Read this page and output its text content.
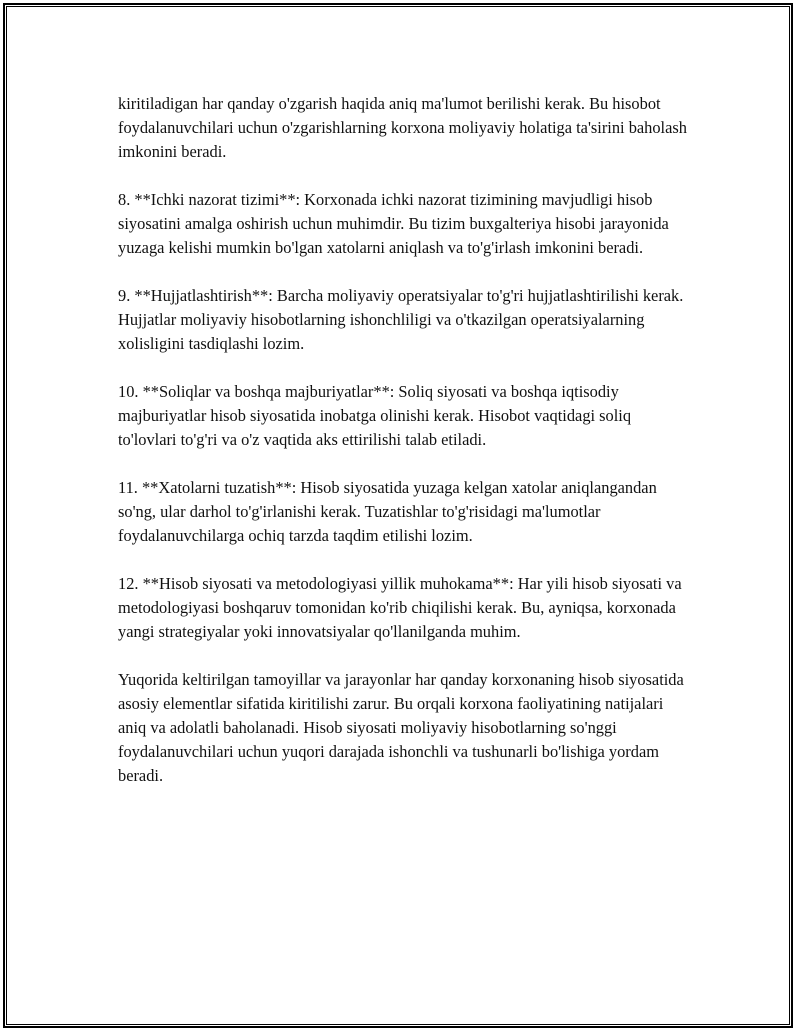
kiritiladigan har qanday o'zgarish haqida aniq ma'lumot berilishi kerak. Bu hisobot foydalanuvchilari uchun o'zgarishlarning korxona moliyaviy holatiga ta'sirini baholash imkonini beradi.

8. **Ichki nazorat tizimi**: Korxonada ichki nazorat tizimining mavjudligi hisob siyosatini amalga oshirish uchun muhimdir. Bu tizim buxgalteriya hisobi jarayonida yuzaga kelishi mumkin bo'lgan xatolarni aniqlash va to'g'irlash imkonini beradi.

9. **Hujjatlashtirish**: Barcha moliyaviy operatsiyalar to'g'ri hujjatlashtirilishi kerak. Hujjatlar moliyaviy hisobotlarning ishonchliligi va o'tkazilgan operatsiyalarning xolisligini tasdiqlashi lozim.

10. **Soliqlar va boshqa majburiyatlar**: Soliq siyosati va boshqa iqtisodiy majburiyatlar hisob siyosatida inobatga olinishi kerak. Hisobot vaqtidagi soliq to'lovlari to'g'ri va o'z vaqtida aks ettirilishi talab etiladi.

11. **Xatolarni tuzatish**: Hisob siyosatida yuzaga kelgan xatolar aniqlangandan so'ng, ular darhol to'g'irlanishi kerak. Tuzatishlar to'g'risidagi ma'lumotlar foydalanuvchilarga ochiq tarzda taqdim etilishi lozim.

12. **Hisob siyosati va metodologiyasi yillik muhokama**: Har yili hisob siyosati va metodologiyasi boshqaruv tomonidan ko'rib chiqilishi kerak. Bu, ayniqsa, korxonada yangi strategiyalar yoki innovatsiyalar qo'llanilganda muhim.

Yuqorida keltirilgan tamoyillar va jarayonlar har qanday korxonaning hisob siyosatida asosiy elementlar sifatida kiritilishi zarur. Bu orqali korxona faoliyatining natijalari aniq va adolatli baholanadi. Hisob siyosati moliyaviy hisobotlarning so'nggi foydalanuvchilari uchun yuqori darajada ishonchli va tushunarli bo'lishiga yordam beradi.
